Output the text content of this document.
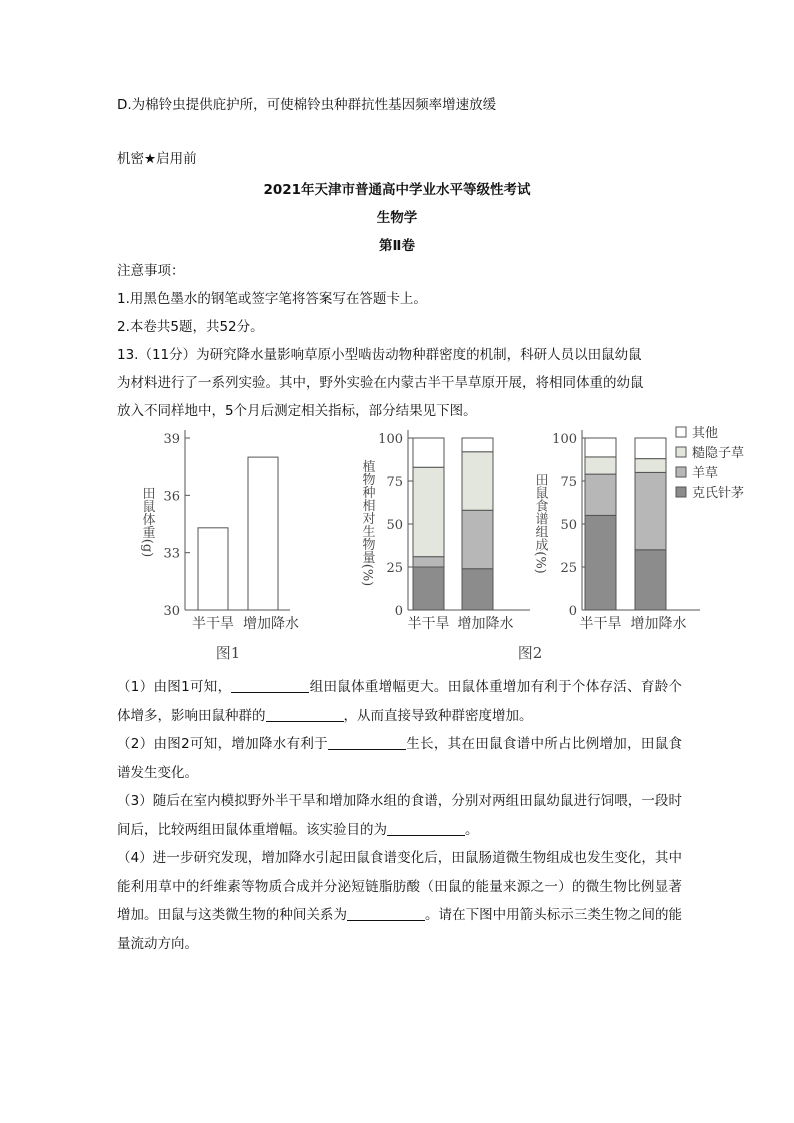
D.为棉铃虫提供庇护所，可使棉铃虫种群抗性基因频率增速放缓
机密★启用前
2021年天津市普通高中学业水平等级性考试
生物学
第Ⅱ卷
注意事项：
1.用黑色墨水的钢笔或签字笔将答案写在答题卡上。
2.本卷共5题，共52分。
13.（11分）为研究降水量影响草原小型啮齿动物种群密度的机制，科研人员以田鼠幼鼠
为材料进行了一系列实验。其中，野外实验在内蒙古半干旱草原开展，将相同体重的幼鼠
放入不同样地中，5个月后测定相关指标，部分结果见下图。
30
33
36
39
田鼠体重(g)
半干旱 增加降水
0
25
50
75
100
植物种相对生物量(%)
半干旱 增加降水
0
25
50
75
100
田鼠食谱组成(%)
半干旱 增加降水
图1	图2
其他
糙隐子草
羊草
克氏针茅
（1）由图1可知，	组田鼠体重增幅更大。田鼠体重增加有利于个体存活、育龄个体增多，影响田鼠种群的	，从而直接导致种群密度增加。
（2）由图2可知，增加降水有利于	生长，其在田鼠食谱中所占比例增加，田鼠食谱发生变化。
（3）随后在室内模拟野外半干旱和增加降水组的食谱，分别对两组田鼠幼鼠进行饲喂，一段时间后，比较两组田鼠体重增幅。该实验目的为	。
（4）进一步研究发现，增加降水引起田鼠食谱变化后，田鼠肠道微生物组成也发生变化，其中能利用草中的纤维素等物质合成并分泌短链脂肪酸（田鼠的能量来源之一）的微生物比例显著增加。田鼠与这类微生物的种间关系为	。请在下图中用箭头标示三类生物之间的能量流动方向。
